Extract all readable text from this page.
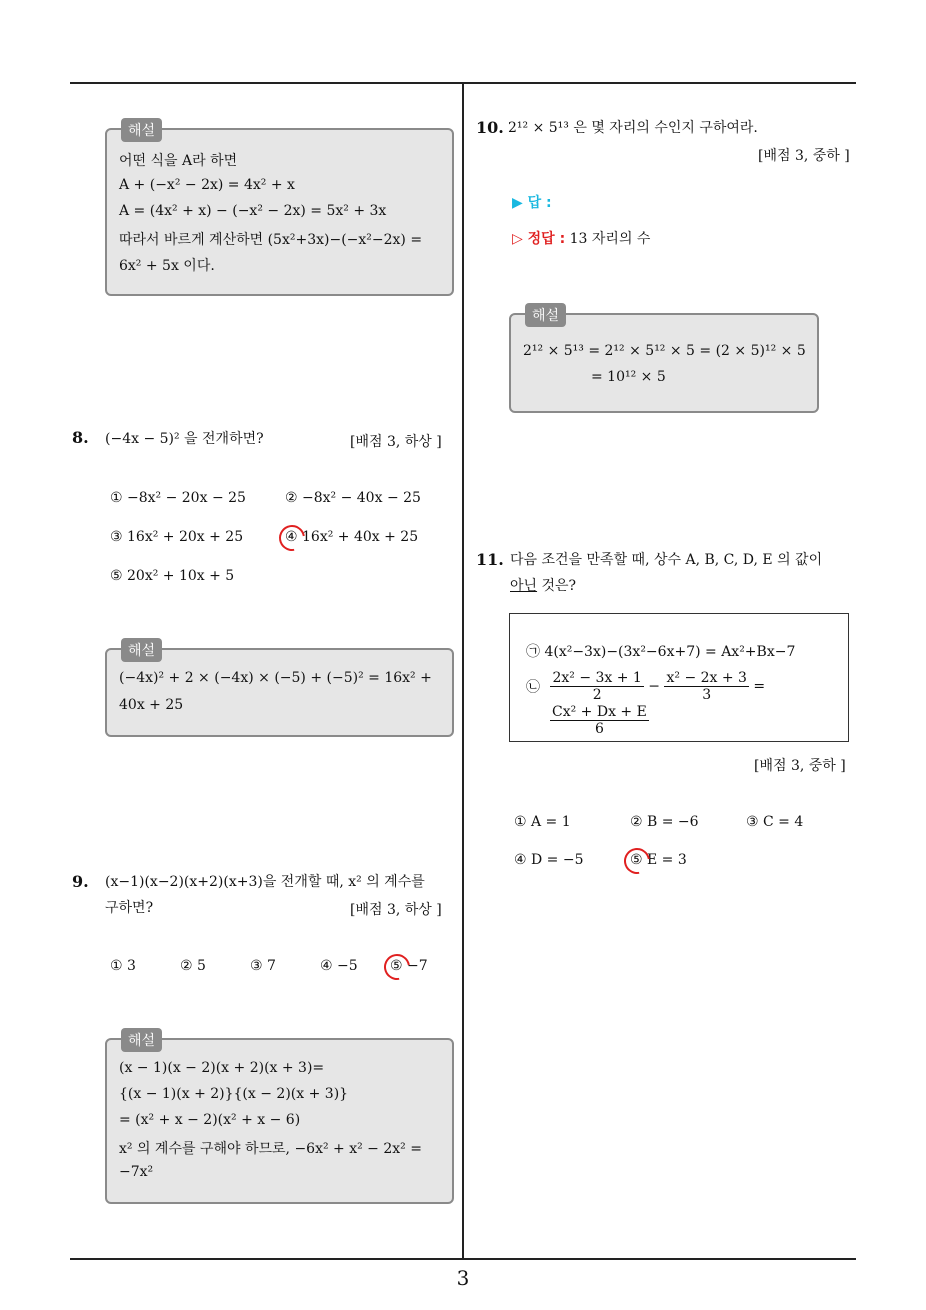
해설
어떤 식을 A라 하면
A + (−x² − 2x) = 4x² + x
A = (4x² + x) − (−x² − 2x) = 5x² + 3x
따라서 바르게 계산하면 (5x²+3x)−(−x²−2x) =
6x² + 5x 이다.
8. (−4x − 5)² 을 전개하면?	[배점 3, 하상 ]
① −8x² − 20x − 25	② −8x² − 40x − 25
③ 16x² + 20x + 25	④ 16x² + 40x + 25
⑤ 20x² + 10x + 5
해설
(−4x)² + 2 × (−4x) × (−5) + (−5)² = 16x² +
40x + 25
9. (x−1)(x−2)(x+2)(x+3)을 전개할 때, x² 의 계수를
구하면?	[배점 3, 하상 ]
① 3	② 5	③ 7	④ −5 ⑤ −7
해설
(x − 1)(x − 2)(x + 2)(x + 3)=
{(x − 1)(x + 2)}{(x − 2)(x + 3)}
= (x² + x − 2)(x² + x − 6)
x² 의 계수를 구해야 하므로, −6x² + x² − 2x² =
−7x²
10. 2¹² × 5¹³ 은 몇 자리의 수인지 구하여라.
[배점 3, 중하 ]
▶ 답 :
▷ 정답 : 13 자리의 수
해설
2¹² × 5¹³ = 2¹² × 5¹² × 5 = (2 × 5)¹² × 5
= 10¹² × 5
11. 다음 조건을 만족할 때, 상수 A, B, C, D, E 의 값이
아닌 것은?
㉠ 4(x²−3x)−(3x²−6x+7) = Ax²+Bx−7
㉡ $\frac{\text{2x² − 3x + 1}}{2} - \frac{\text{x² − 2x + 3}}{3}$ =
$\frac{\text{Cx² + Dx + E}}{6}$
[배점 3, 중하 ]
① A = 1	② B = −6	③ C = 4
④ D = −5	⑤ E = 3
3
